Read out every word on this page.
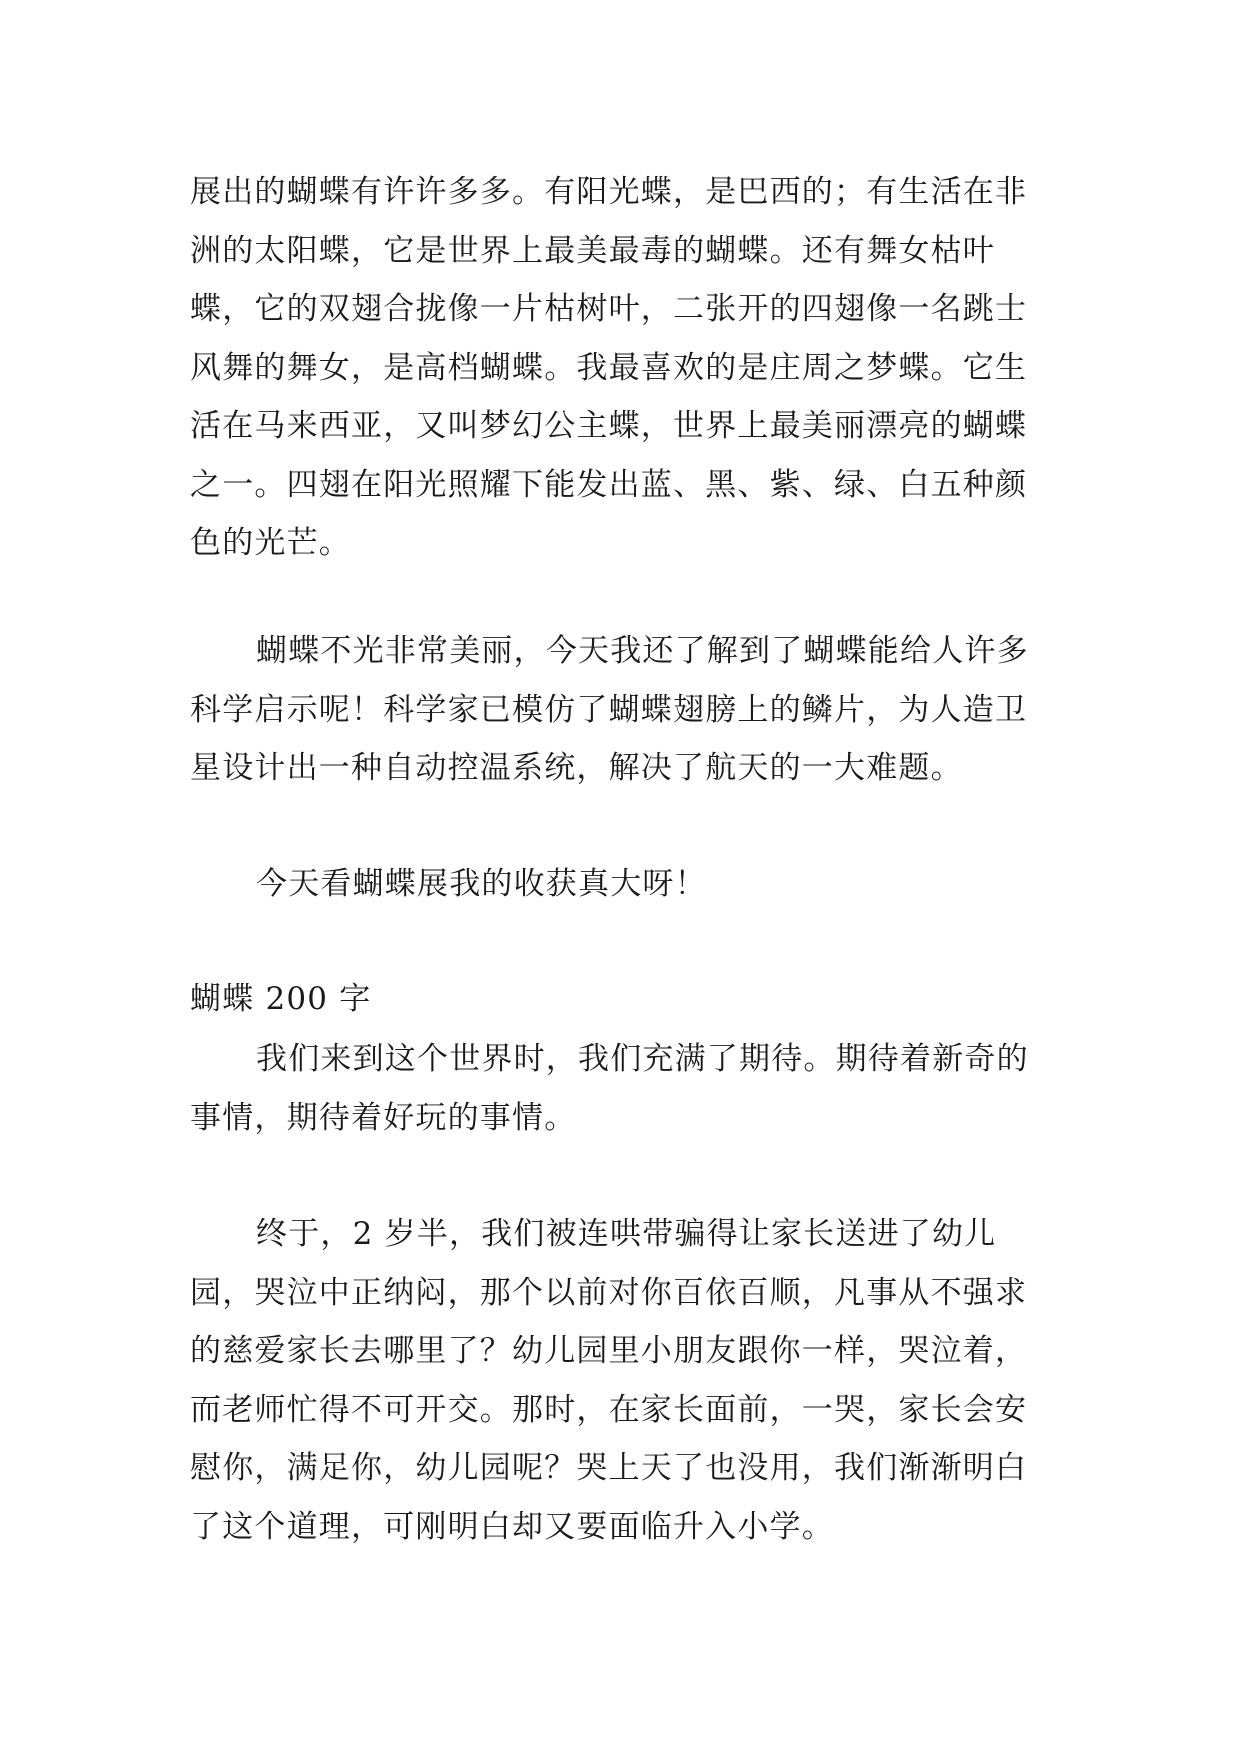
展出的蝴蝶有许许多多。有阳光蝶，是巴西的；有生活在非洲的太阳蝶，它是世界上最美最毒的蝴蝶。还有舞女枯叶蝶，它的双翅合拢像一片枯树叶，二张开的四翅像一名跳士风舞的舞女，是高档蝴蝶。我最喜欢的是庄周之梦蝶。它生活在马来西亚，又叫梦幻公主蝶，世界上最美丽漂亮的蝴蝶之一。四翅在阳光照耀下能发出蓝、黑、紫、绿、白五种颜色的光芒。

蝴蝶不光非常美丽，今天我还了解到了蝴蝶能给人许多科学启示呢！科学家已模仿了蝴蝶翅膀上的鳞片，为人造卫星设计出一种自动控温系统，解决了航天的一大难题。

今天看蝴蝶展我的收获真大呀！

蝴蝶 200 字

我们来到这个世界时，我们充满了期待。期待着新奇的事情，期待着好玩的事情。

终于，2 岁半，我们被连哄带骗得让家长送进了幼儿园，哭泣中正纳闷，那个以前对你百依百顺，凡事从不强求的慈爱家长去哪里了？幼儿园里小朋友跟你一样，哭泣着，而老师忙得不可开交。那时，在家长面前，一哭，家长会安慰你，满足你，幼儿园呢？哭上天了也没用，我们渐渐明白了这个道理，可刚明白却又要面临升入小学。
